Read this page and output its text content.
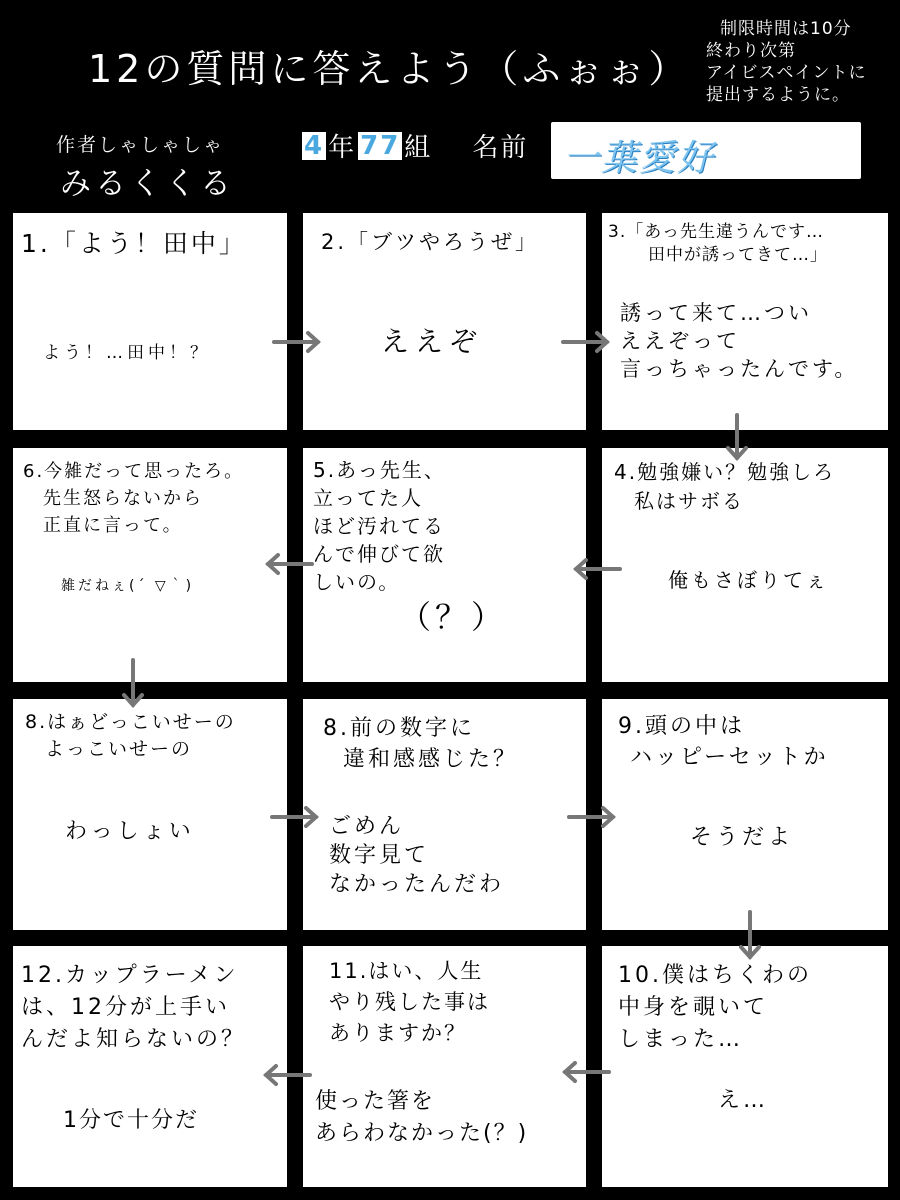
12の質問に答えよう（ふぉぉ）
制限時間は10分
終わり次第
アイビスペイントに
提出するように。
作者しゃしゃしゃ
みるくくる
4 年 77 組 名前 一葉愛好
1.「よう！田中」
よう！…田中！？
2.「ブツやろうぜ」
ええぞ
3.「あっ先生違うんです…
田中が誘ってきて…」
誘って来て…つい
ええぞって
言っちゃったんです。
4.勉強嫌い？勉強しろ
私はサボる
俺もさぼりてぇ
5.あっ先生、
立ってた人
ほど汚れてる
んで伸びて欲
しいの。
（？）
6.今雑だって思ったろ。
先生怒らないから
正直に言って。
雑だねぇ(´ ▽｀)
8.はぁどっこいせーの
よっこいせーの
わっしょい
8.前の数字に
違和感感じた？
ごめん
数字見て
なかったんだわ
9.頭の中は
ハッピーセットか
そうだよ
10.僕はちくわの
中身を覗いて
しまった…
え…
11.はい、人生
やり残した事は
ありますか？
使った箸を
あらわなかった(？)
12.カップラーメン
は、12分が上手い
んだよ知らないの？
1分で十分だ
